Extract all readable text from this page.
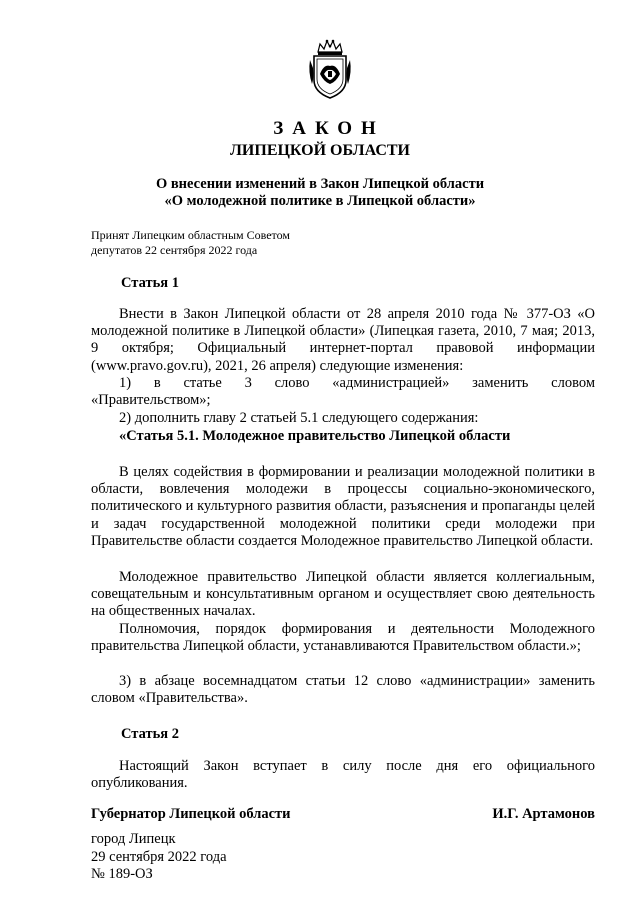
ЗАКОН
ЛИПЕЦКОЙ ОБЛАСТИ
О внесении изменений в Закон Липецкой области
«О молодежной политике в Липецкой области»
Принят Липецким областным Советом
депутатов 22 сентября 2022 года
Статья 1

Внести в Закон Липецкой области от 28 апреля 2010 года № 377-ОЗ «О молодежной политике в Липецкой области» (Липецкая газета, 2010, 7 мая; 2013, 9 октября; Официальный интернет-портал правовой информации (www.pravo.gov.ru), 2021, 26 апреля) следующие изменения:

1) в статье 3 слово «администрацией» заменить словом
«Правительством»;
2) дополнить главу 2 статьей 5.1 следующего содержания:
«Статья 5.1. Молодежное правительство Липецкой области

В целях содействия в формировании и реализации молодежной политики в области, вовлечения молодежи в процессы социально-экономического, политического и культурного развития области, разъяснения и пропаганды целей и задач государственной молодежной политики среди молодежи при Правительстве области создается Молодежное правительство Липецкой области.

Молодежное правительство Липецкой области является коллегиальным, совещательным и консультативным органом и осуществляет свою деятельность на общественных началах.

Полномочия, порядок формирования и деятельности Молодежного правительства Липецкой области, устанавливаются Правительством области.»;

3) в абзаце восемнадцатом статьи 12 слово «администрации» заменить словом «Правительства».

Статья 2

Настоящий Закон вступает в силу после дня его официального опубликования.

Губернатор Липецкой области	И.Г. Артамонов
город Липецк
29 сентября 2022 года
№ 189-ОЗ
